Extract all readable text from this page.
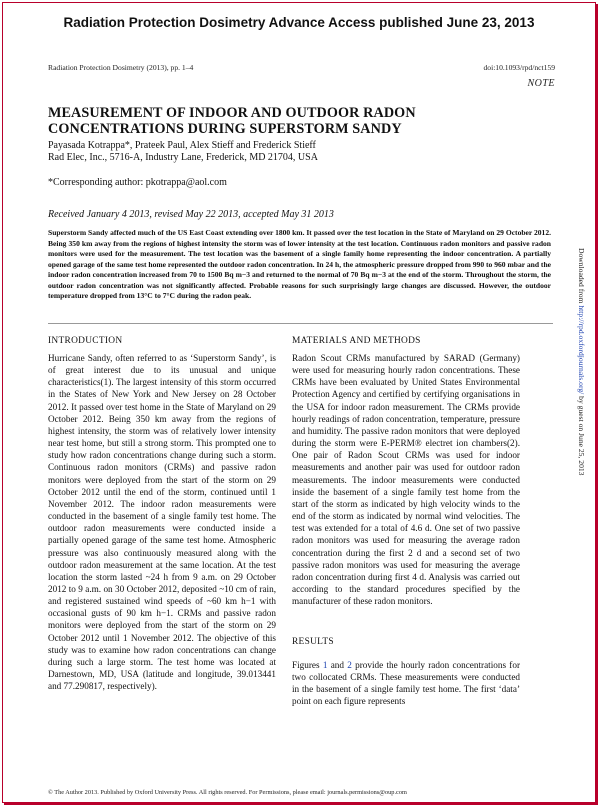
Radiation Protection Dosimetry Advance Access published June 23, 2013
Radiation Protection Dosimetry (2013), pp. 1–4	doi:10.1093/rpd/nct159
NOTE
MEASUREMENT OF INDOOR AND OUTDOOR RADON
CONCENTRATIONS DURING SUPERSTORM SANDY
Payasada Kotrappa*, Prateek Paul, Alex Stieff and Frederick Stieff
Rad Elec, Inc., 5716-A, Industry Lane, Frederick, MD 21704, USA
*Corresponding author: pkotrappa@aol.com
Received January 4 2013, revised May 22 2013, accepted May 31 2013
Superstorm Sandy affected much of the US East Coast extending over 1800 km. It passed over the test location in the State of Maryland on 29 October 2012. Being 350 km away from the regions of highest intensity the storm was of lower intensity at the test location. Continuous radon monitors and passive radon monitors were used for the measurement. The test location was the basement of a single family home representing the indoor concentration. A partially opened garage of the same test home represented the outdoor radon concentration. In 24 h, the atmospheric pressure dropped from 990 to 960 mbar and the indoor radon concentration increased from 70 to 1500 Bq m−3 and returned to the normal of 70 Bq m−3 at the end of the storm. Throughout the storm, the outdoor radon concentration was not significantly affected. Probable reasons for such surprisingly large changes are discussed. However, the outdoor temperature dropped from 13°C to 7°C during the radon peak.
INTRODUCTION
Hurricane Sandy, often referred to as ‘Superstorm Sandy’, is of great interest due to its unusual and unique characteristics(1). The largest intensity of this storm occurred in the States of New York and New Jersey on 28 October 2012. It passed over test home in the State of Maryland on 29 October 2012. Being 350 km away from the regions of highest intensity, the storm was of relatively lower intensity near test home, but still a strong storm. This prompted one to study how radon concentrations change during such a storm. Continuous radon monitors (CRMs) and passive radon monitors were deployed from the start of the storm on 29 October 2012 until the end of the storm, continued until 1 November 2012. The indoor radon measurements were conducted in the basement of a single family test home. The outdoor radon measurements were conducted inside a partially opened garage of the same test home. Atmospheric pressure was also continuously measured along with the outdoor radon measurement at the same location. At the test location the storm lasted ~24 h from 9 a.m. on 29 October 2012 to 9 a.m. on 30 October 2012, deposited ~10 cm of rain, and registered sustained wind speeds of ~60 km h−1 with occasional gusts of 90 km h−1. CRMs and passive radon monitors were deployed from the start of the storm on 29 October 2012 until 1 November 2012. The objective of this study was to examine how radon concentrations can change during such a large storm. The test home was located at Darnestown, MD, USA (latitude and longitude, 39.013441 and 77.290817, respectively).
MATERIALS AND METHODS
Radon Scout CRMs manufactured by SARAD (Germany) were used for measuring hourly radon concentrations. These CRMs have been evaluated by United States Environmental Protection Agency and certified by certifying organisations in the USA for indoor radon measurement. The CRMs provide hourly readings of radon concentration, temperature, pressure and humidity. The passive radon monitors that were deployed during the storm were E-PERM® electret ion chambers(2). One pair of Radon Scout CRMs was used for indoor measurements and another pair was used for outdoor radon measurements. The indoor measurements were conducted inside the basement of a single family test home from the start of the storm as indicated by high velocity winds to the end of the storm as indicated by normal wind velocities. The test was extended for a total of 4.6 d. One set of two passive radon monitors was used for measuring the average radon concentration during the first 2 d and a second set of two passive radon monitors was used for measuring the average radon concentration during first 4 d. Analysis was carried out according to the standard procedures specified by the manufacturer of these radon monitors.
RESULTS
Figures 1 and 2 provide the hourly radon concentrations for two collocated CRMs. These measurements were conducted in the basement of a single family test home. The first ‘data’ point on each figure represents
© The Author 2013. Published by Oxford University Press. All rights reserved. For Permissions, please email: journals.permissions@oup.com
Downloaded from http://rpd.oxfordjournals.org/ by guest on June 25, 2013
